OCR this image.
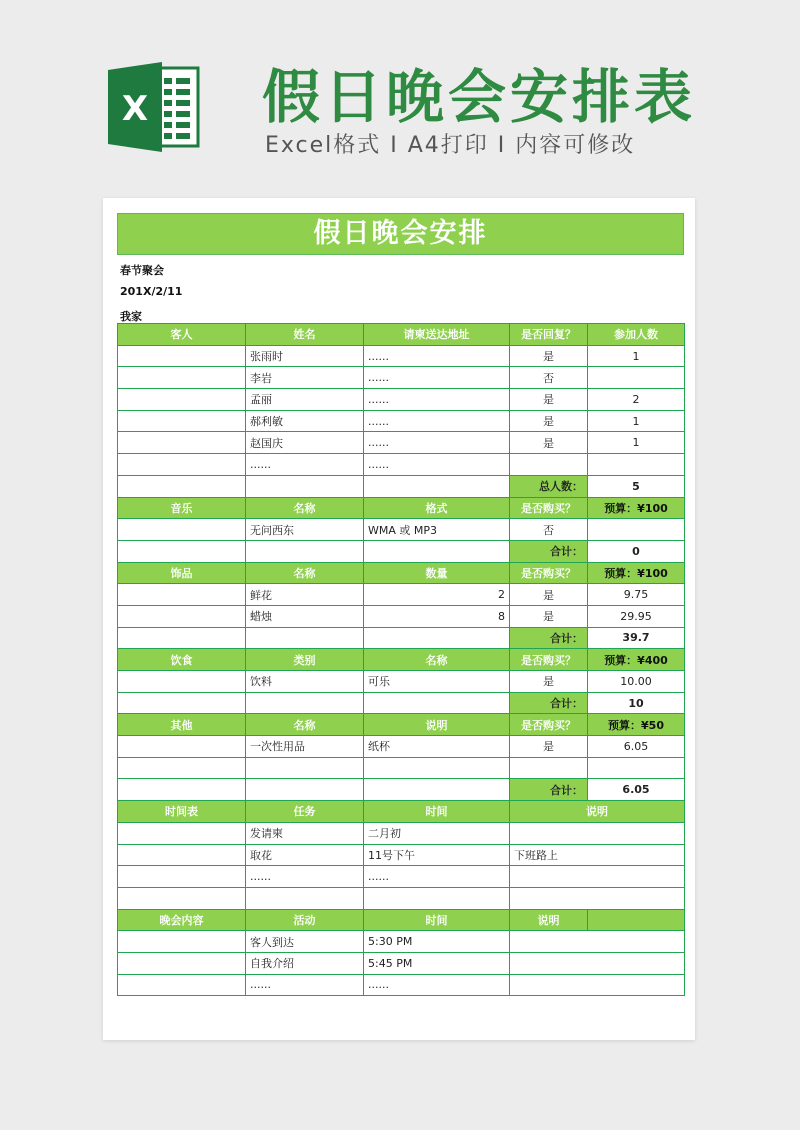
X 假日晚会安排表
Excel格式 I A4打印 I 内容可修改
假日晚会安排
春节聚会
201X/2/11
我家
客人	姓名	请柬送达地址	是否回复？	参加人数
	张雨时	......	是	1
	李岩	......	否	
	孟丽	......	是	2
	郝利敏	......	是	1
	赵国庆	......	是	1
	......	......		
			总人数：	5
音乐	名称	格式	是否购买？	预算：¥100
	无问西东	WMA 或 MP3	否	
			合计：	0
饰品	名称	数量	是否购买？	预算：¥100
	鲜花	2	是	9.75
	蜡烛	8	是	29.95
			合计：	39.7
饮食	类别	名称	是否购买？	预算：¥400
	饮料	可乐	是	10.00
			合计：	10
其他	名称	说明	是否购买？	预算：¥50
	一次性用品	纸杯	是	6.05

			合计：	6.05
时间表	任务	时间	说明	
	发请柬	二月初		
	取花	11号下午	下班路上	
	......	......		

晚会内容	活动	时间	说明	
	客人到达	5:30 PM		
	自我介绍	5:45 PM		
	......	......		
